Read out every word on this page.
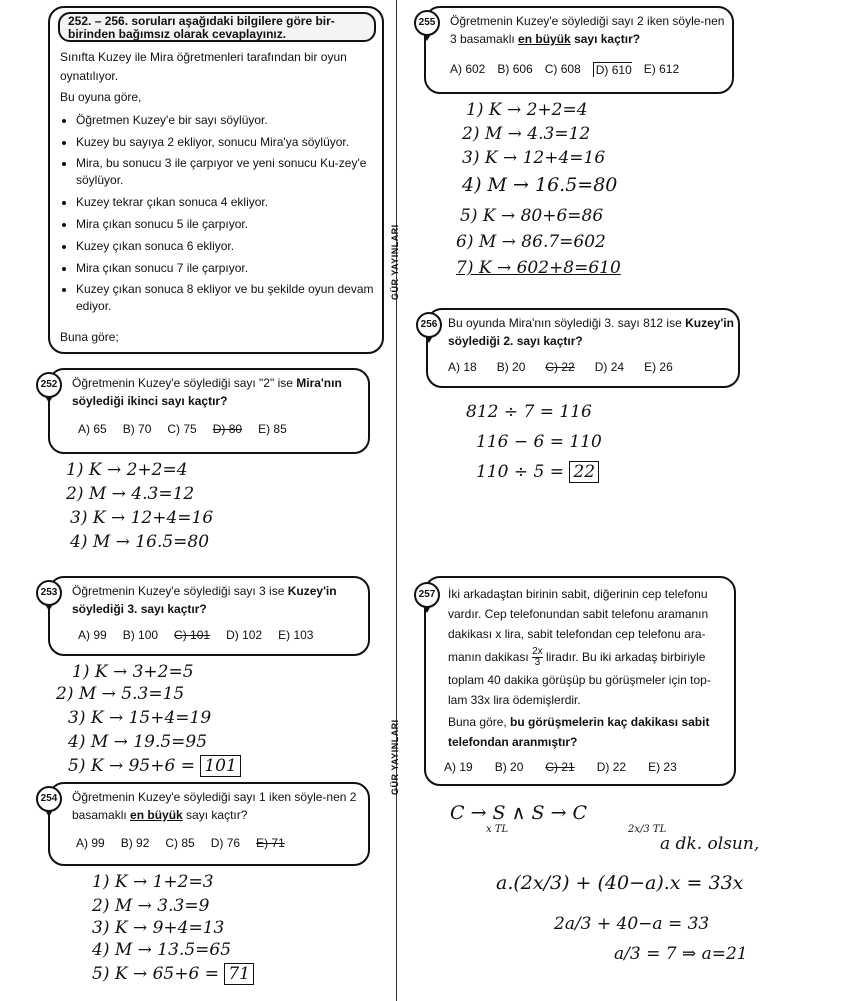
GÜR YAYINLARI
GÜR YAYINLARI
252. – 256. soruları aşağıdaki bilgilere göre bir-birinden bağımsız olarak cevaplayınız.
Sınıfta Kuzey ile Mira öğretmenleri tarafından bir oyun oynatılıyor.
Bu oyuna göre,
• Öğretmen Kuzey'e bir sayı söylüyor.
• Kuzey bu sayıya 2 ekliyor, sonucu Mira'ya söylüyor.
• Mira, bu sonucu 3 ile çarpıyor ve yeni sonucu Ku-zey'e söylüyor.
• Kuzey tekrar çıkan sonuca 4 ekliyor.
• Mira çıkan sonucu 5 ile çarpıyor.
• Kuzey çıkan sonuca 6 ekliyor.
• Mira çıkan sonucu 7 ile çarpıyor.
• Kuzey çıkan sonuca 8 ekliyor ve bu şekilde oyun devam ediyor.
Buna göre;
252	Öğretmenin Kuzey'e söylediği sayı "2" ise Mira'nın söylediği ikinci sayı kaçtır?
A) 65 B) 70 C) 75 D) 80 E) 85
1) K → 2+2=4
2) M → 4.3=12
3) K → 12+4=16
4) M → 16.5=80
253	Öğretmenin Kuzey'e söylediği sayı 3 ise Kuzey'in söylediği 3. sayı kaçtır?
A) 99 B) 100 C) 101 D) 102 E) 103
1) K → 3+2=5
2) M → 5.3=15
3) K → 15+4=19
4) M → 19.5=95
5) K → 95+6 = 101
254	Öğretmenin Kuzey'e söylediği sayı 1 iken söyle-nen 2 basamaklı en büyük sayı kaçtır?
A) 99 B) 92 C) 85 D) 76 E) 71
1) K → 1+2=3
2) M → 3.3=9
3) K → 9+4=13
4) M → 13.5=65
5) K → 65+6 = 71
255	Öğretmenin Kuzey'e söylediği sayı 2 iken söyle-nen 3 basamaklı en büyük sayı kaçtır?
A) 602 B) 606 C) 608 D) 610 E) 612
1) K → 2+2=4
2) M → 4.3=12
3) K → 12+4=16
4) M → 16.5=80
5) K → 80+6=86
6) M → 86.7=602
7) K → 602+8=610
256 Bu oyunda Mira'nın söylediği 3. sayı 812 ise Kuzey'in söylediği 2. sayı kaçtır?
A) 18 B) 20 C) 22 D) 24 E) 26
812 ÷ 7 = 116
116 − 6 = 110
110 ÷ 5 = 22
257	İki arkadaştan birinin sabit, diğerinin cep telefonu
vardır. Cep telefonundan sabit telefonu aramanın
dakikası x lira, sabit telefondan cep telefonu ara-
manın dakikası $\frac{2x}{3}$ liradır. Bu iki arkadaş birbiriyle
toplam 40 dakika görüşüp bu görüşmeler için top-
lam 33x lira ödemişlerdir.
Buna göre, bu görüşmelerin kaç dakikası sabit telefondan aranmıştır?
A) 19 B) 20 C) 21 D) 22 E) 23
C → S ∧ S → C
x TL	2x/3 TL
a dk. olsun,
a.(2x/3) + (40−a).x = 33x
2a/3 + 40−a = 33
a/3 = 7 ⇒ a=21
